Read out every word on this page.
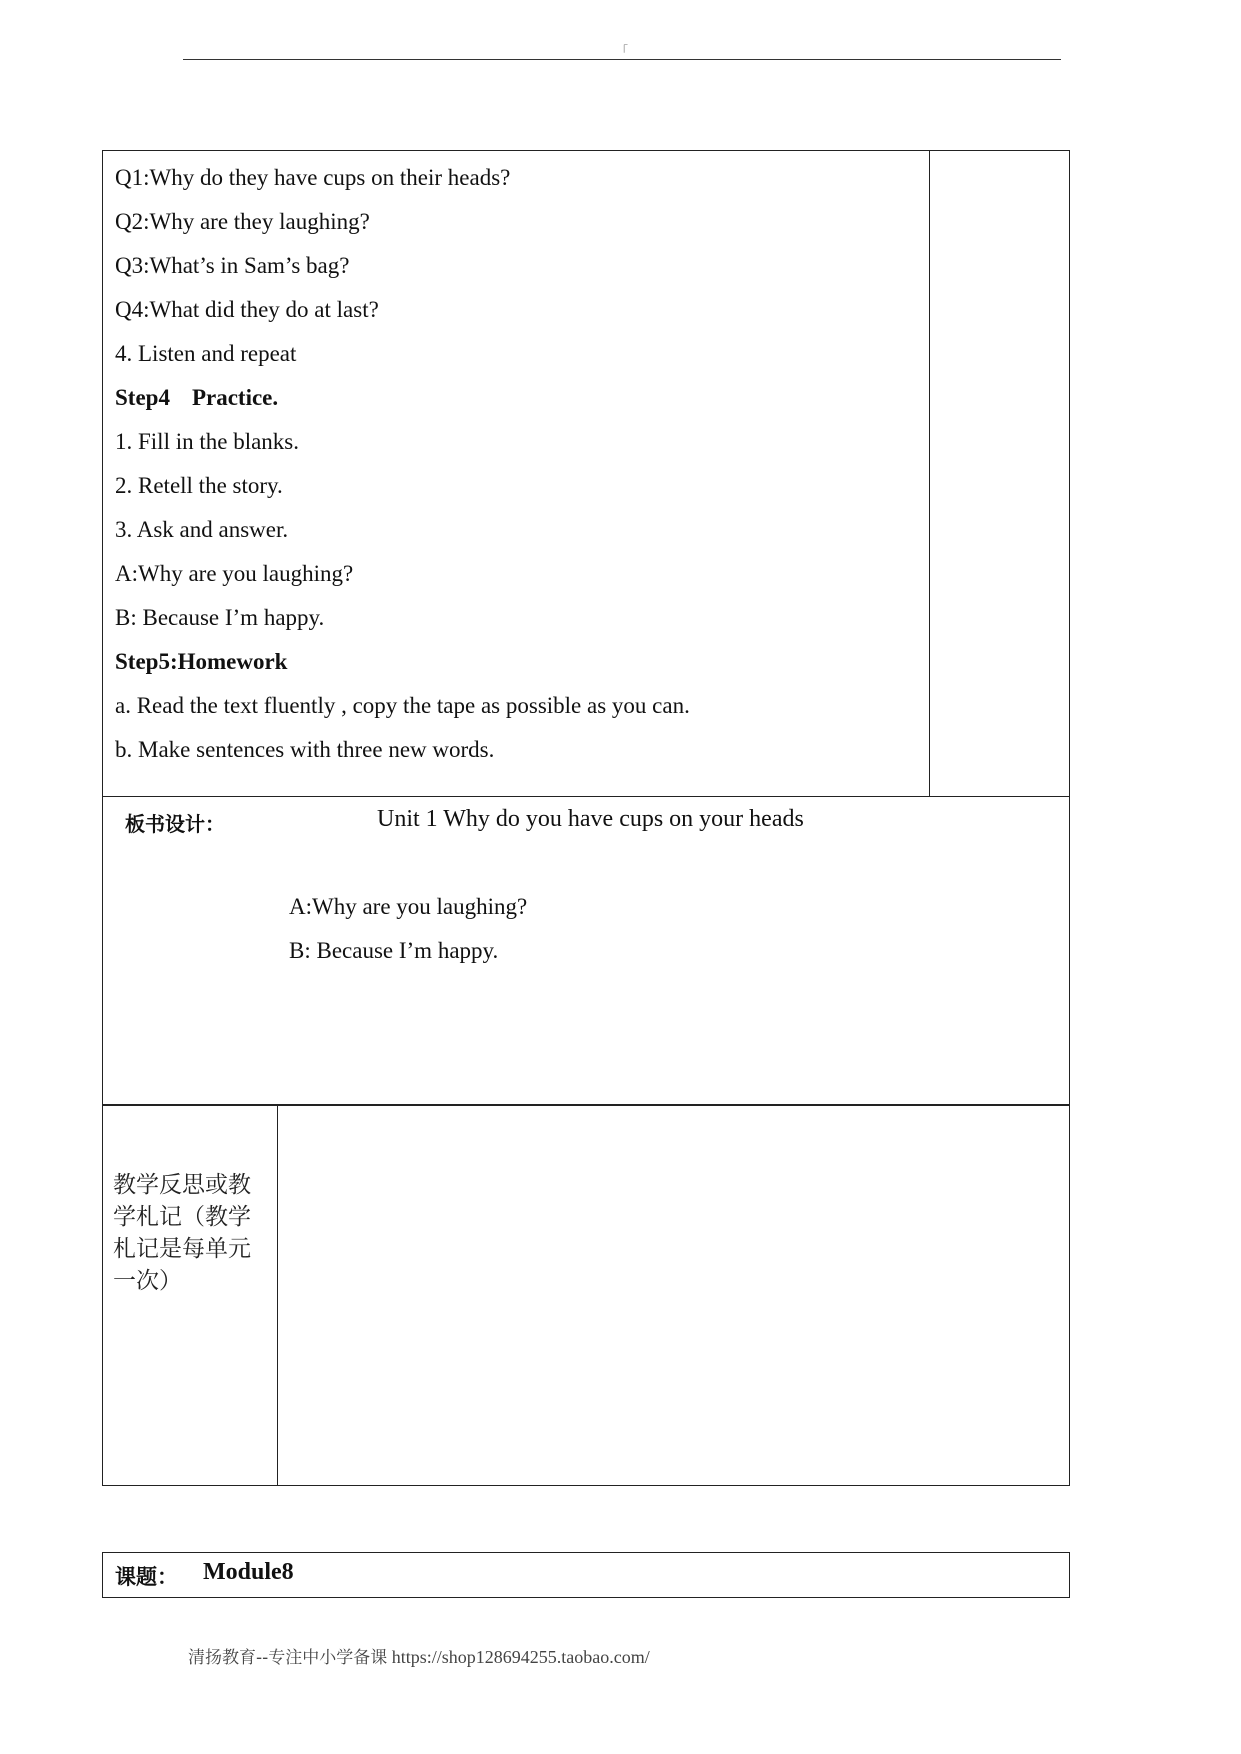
「
Q1:Why do they have cups on their heads?
Q2:Why are they laughing?
Q3:What’s in Sam’s bag?
Q4:What did they do at last?
4. Listen and repeat
Step4 Practice.
1. Fill in the blanks.
2. Retell the story.
3. Ask and answer.
A:Why are you laughing?
B: Because I’m happy.
Step5:Homework
a. Read the text fluently , copy the tape as possible as you can.
b. Make sentences with three new words.
板书设计：	Unit 1 Why do you have cups on your heads
A:Why are you laughing?
B: Because I’m happy.
教学反思或教学札记（教学札记是每单元一次）
课题： Module8
清扬教育--专注中小学备课 https://shop128694255.taobao.com/
